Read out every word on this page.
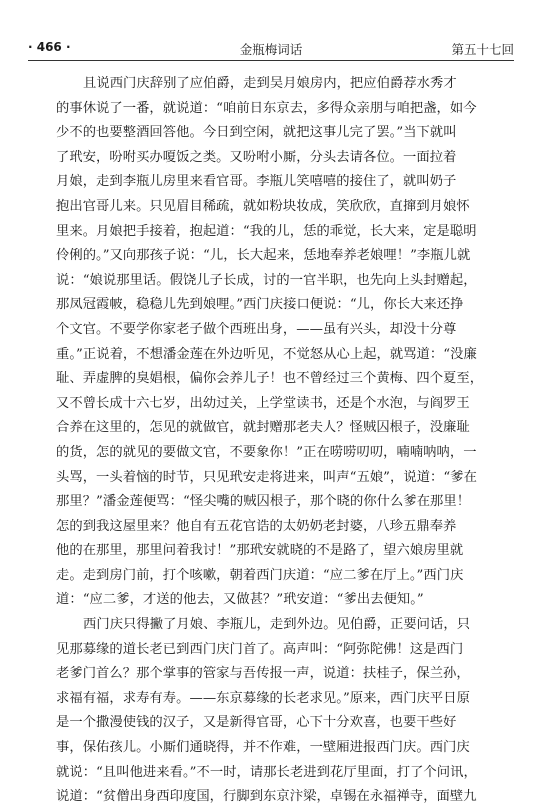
· 466 ·	金瓶梅词话	第五十七回
且说西门庆辞别了应伯爵，走到吴月娘房内，把应伯爵荐水秀才
的事休说了一番，就说道：“咱前日东京去，多得众亲朋与咱把盏，如今
少不的也要整酒回答他。今日到空闲，就把这事儿完了罢。”当下就叫
了玳安，吩咐买办嗄饭之类。又吩咐小厮，分头去请各位。一面拉着
月娘，走到李瓶儿房里来看官哥。李瓶儿笑嘻嘻的接住了，就叫奶子
抱出官哥儿来。只见眉目稀疏，就如粉块妆成，笑欣欣，直撺到月娘怀
里来。月娘把手接着，抱起道：“我的儿，恁的乖觉，长大来，定是聪明
伶俐的。”又向那孩子说：“儿，长大起来，恁地奉养老娘哩！”李瓶儿就
说：“娘说那里话。假饶儿子长成，讨的一官半职，也先向上头封赠起，
那凤冠霞帔，稳稳儿先到娘哩。”西门庆接口便说：“儿，你长大来还挣
个文官。不要学你家老子做个西班出身，——虽有兴头，却没十分尊
重。”正说着，不想潘金莲在外边听见，不觉怒从心上起，就骂道：“没廉
耻、弄虚脾的臭娼根，偏你会养儿子！也不曾经过三个黄梅、四个夏至，
又不曾长成十六七岁，出幼过关，上学堂读书，还是个水泡，与阎罗王
合养在这里的，怎见的就做官，就封赠那老夫人？怪贼囚根子，没廉耻
的货，怎的就见的要做文官，不要象你！”正在唠唠叨叨，喃喃呐呐，一
头骂，一头着恼的时节，只见玳安走将进来，叫声“五娘”，说道：“爹在
那里？”潘金莲便骂：“怪尖嘴的贼囚根子，那个晓的你什么爹在那里！
怎的到我这屋里来？他自有五花官诰的太奶奶老封婆，八珍五鼎奉养
他的在那里，那里问着我讨！”那玳安就晓的不是路了，望六娘房里就
走。走到房门前，打个咳嗽，朝着西门庆道：“应二爹在厅上。”西门庆
道：“应二爹，才送的他去，又做甚？”玳安道：“爹出去便知。”
西门庆只得撇了月娘、李瓶儿，走到外边。见伯爵，正要问话，只
见那募缘的道长老已到西门庆门首了。高声叫：“阿弥陀佛！这是西门
老爹门首么？那个掌事的管家与吾传报一声，说道：扶桂子，保兰孙，
求福有福，求寿有寿。——东京募缘的长老求见。”原来，西门庆平日原
是一个撒漫使钱的汉子，又是新得官哥，心下十分欢喜，也要干些好
事，保佑孩儿。小厮们通晓得，并不作难，一壁厢进报西门庆。西门庆
就说：“且叫他进来看。”不一时，请那长老进到花厅里面，打了个问讯，
说道：“贫僧出身西印度国，行脚到东京汴梁，卓锡在永福禅寺，面壁九
